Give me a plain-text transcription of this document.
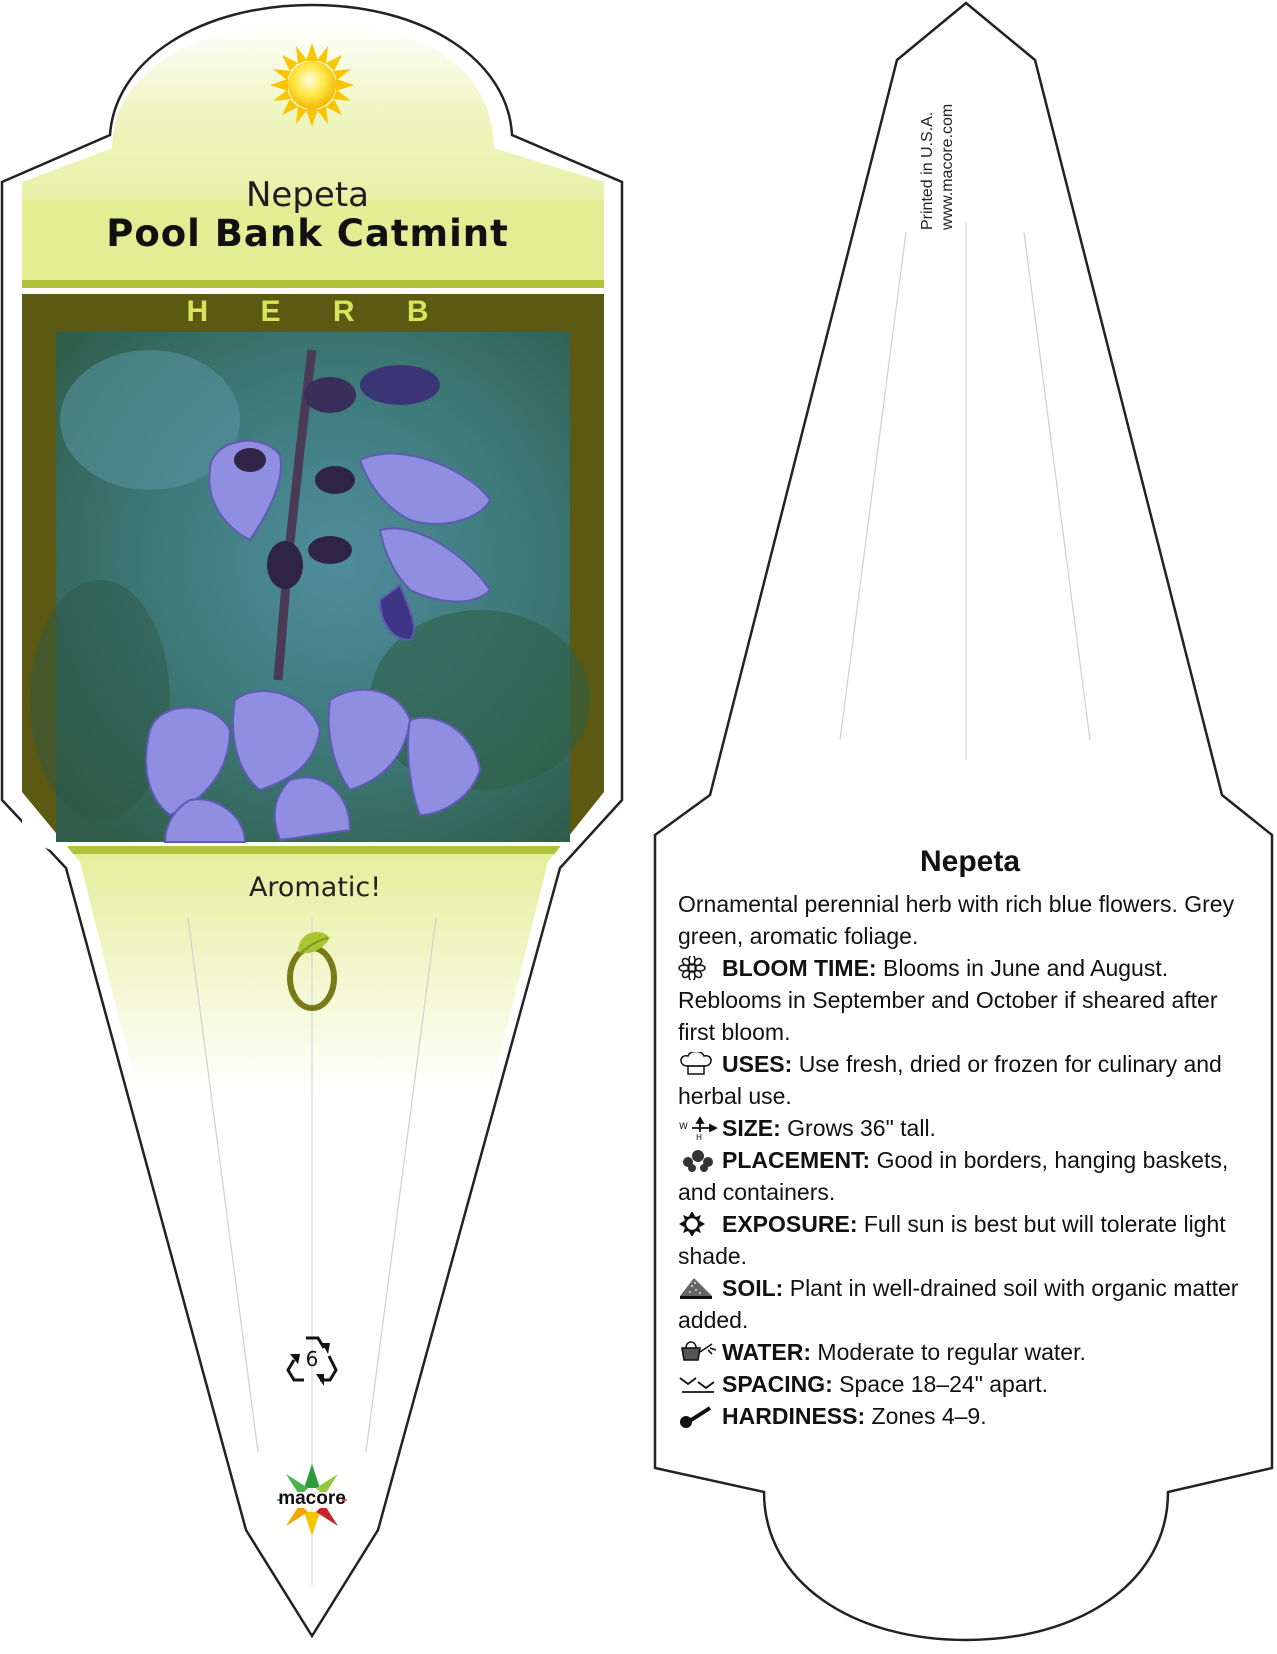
Nepeta
Pool Bank Catmint
H E R B
Aromatic!
6
macore
Printed in U.S.A. www.macore.com
Nepeta

Ornamental perennial herb with rich blue flowers. Grey green, aromatic foliage.

BLOOM TIME: Blooms in June and August. Reblooms in September and October if sheared after first bloom.

USES: Use fresh, dried or frozen for culinary and herbal use.

W
H SIZE: Grows 36" tall.

PLACEMENT: Good in borders, hanging baskets, and containers.

EXPOSURE: Full sun is best but will tolerate light shade.

SOIL: Plant in well-drained soil with organic matter added.

WATER: Moderate to regular water.

SPACING: Space 18–24" apart.

HARDINESS: Zones 4–9.
